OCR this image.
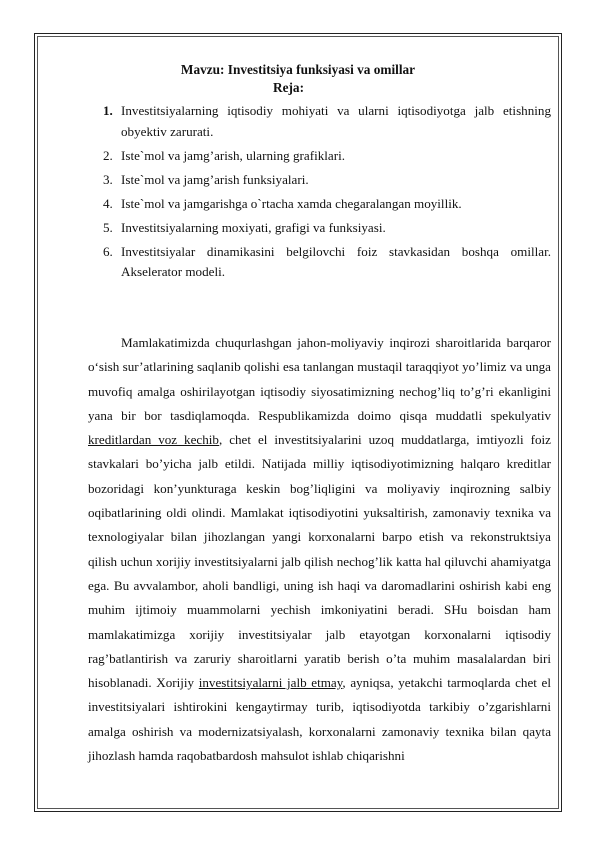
Mavzu: Investitsiya funksiyasi va omillar
Reja:
1. Investitsiyalarning iqtisodiy mohiyati va ularni iqtisodiyotga jalb etishning obyektiv zarurati.
2. Iste`mol va jamg’arish, ularning grafiklari.
3. Iste`mol va jamg’arish funksiyalari.
4. Iste`mol va jamgarishga o`rtacha xamda chegaralangan moyillik.
5. Investitsiyalarning moxiyati, grafigi va funksiyasi.
6. Investitsiyalar dinamikasini belgilovchi foiz stavkasidan boshqa omillar. Akselerator modeli.

Mamlakatimizda chuqurlashgan jahon-moliyaviy inqirozi sharoitlarida barqaror o‘sish sur’atlarining saqlanib qolishi esa tanlangan mustaqil taraqqiyot yo’limiz va unga muvofiq amalga oshirilayotgan iqtisodiy siyosatimizning nechog’liq to’g’ri ekanligini yana bir bor tasdiqlamoqda. Respublikamizda doimo qisqa muddatli spekulyativ kreditlardan voz kechib, chet el investitsiyalarini uzoq muddatlarga, imtiyozli foiz stavkalari bo’yicha jalb etildi. Natijada milliy iqtisodiyotimizning halqaro kreditlar bozoridagi kon’yunkturaga keskin bog’liqligini va moliyaviy inqirozning salbiy oqibatlarining oldi olindi. Mamlakat iqtisodiyotini yuksaltirish, zamonaviy texnika va texnologiyalar bilan jihozlangan yangi korxonalarni barpo etish va rekonstruktsiya qilish uchun xorijiy investitsiyalarni jalb qilish nechog’lik katta hal qiluvchi ahamiyatga ega. Bu avvalambor, aholi bandligi, uning ish haqi va daromadlarini oshirish kabi eng muhim ijtimoiy muammolarni yechish imkoniyatini beradi. SHu boisdan ham mamlakatimizga xorijiy investitsiyalar jalb etayotgan korxonalarni iqtisodiy rag’batlantirish va zaruriy sharoitlarni yaratib berish o’ta muhim masalalardan biri hisoblanadi. Xorijiy investitsiyalarni jalb etmay, ayniqsa, yetakchi tarmoqlarda chet el investitsiyalari ishtirokini kengaytirmay turib, iqtisodiyotda tarkibiy o’zgarishlarni amalga oshirish va modernizatsiyalash, korxonalarni zamonaviy texnika bilan qayta jihozlash hamda raqobatbardosh mahsulot ishlab chiqarishni
